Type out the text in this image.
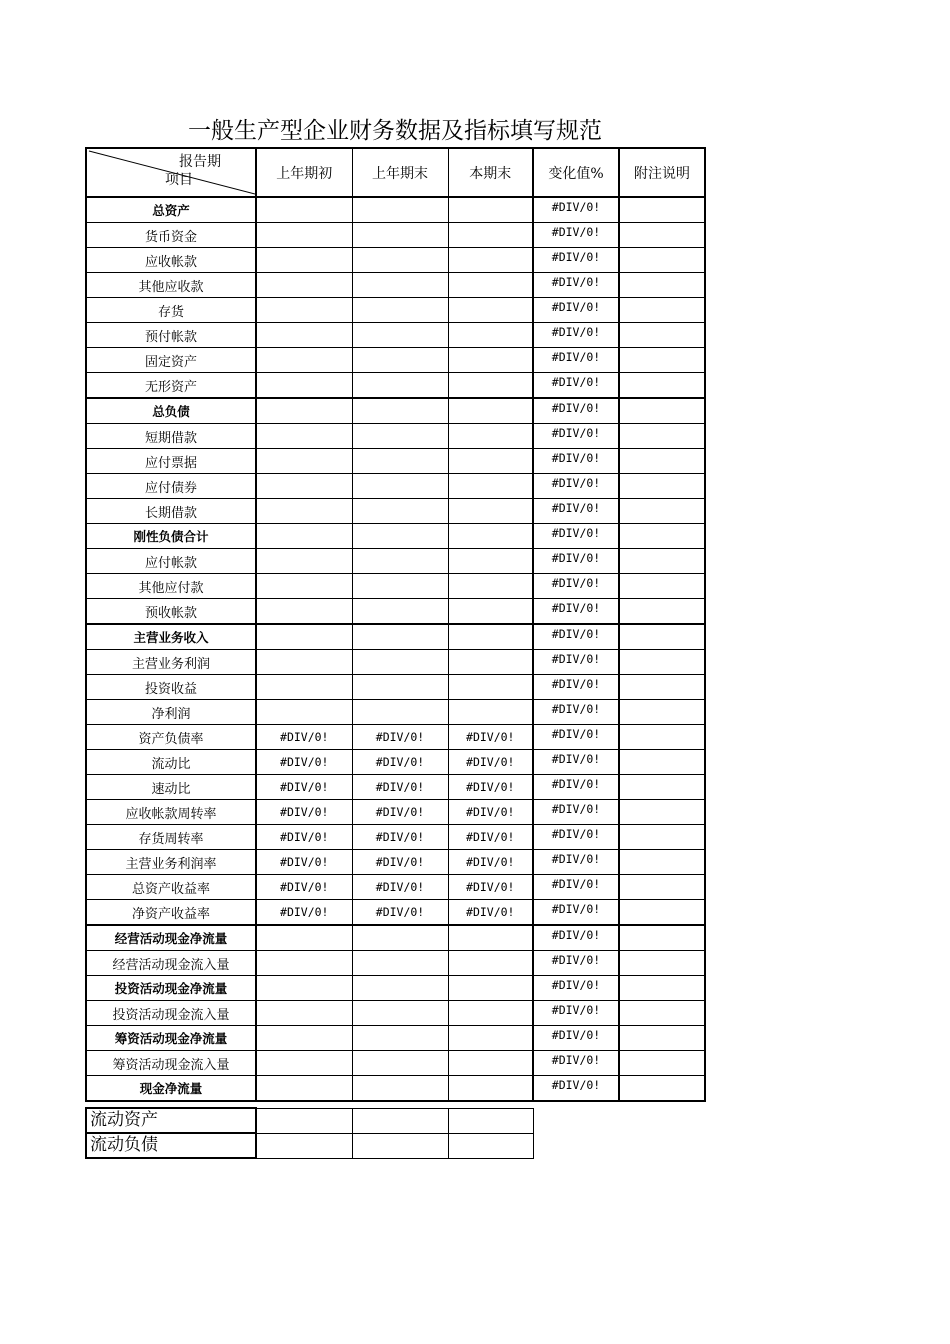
一般生产型企业财务数据及指标填写规范
报告期
项目	上年期初	上年期末	本期末	变化值%	附注说明
总资产				#DIV/0!	
货币资金				#DIV/0!	
应收帐款				#DIV/0!	
其他应收款				#DIV/0!	
存货				#DIV/0!	
预付帐款				#DIV/0!	
固定资产				#DIV/0!	
无形资产				#DIV/0!	
总负债				#DIV/0!	
短期借款				#DIV/0!	
应付票据				#DIV/0!	
应付债券				#DIV/0!	
长期借款				#DIV/0!	
刚性负债合计				#DIV/0!	
应付帐款				#DIV/0!	
其他应付款				#DIV/0!	
预收帐款				#DIV/0!	
主营业务收入				#DIV/0!	
主营业务利润				#DIV/0!	
投资收益				#DIV/0!	
净利润				#DIV/0!	
资产负债率	#DIV/0!	#DIV/0!	#DIV/0!	#DIV/0!	
流动比	#DIV/0!	#DIV/0!	#DIV/0!	#DIV/0!	
速动比	#DIV/0!	#DIV/0!	#DIV/0!	#DIV/0!	
应收帐款周转率	#DIV/0!	#DIV/0!	#DIV/0!	#DIV/0!	
存货周转率	#DIV/0!	#DIV/0!	#DIV/0!	#DIV/0!	
主营业务利润率	#DIV/0!	#DIV/0!	#DIV/0!	#DIV/0!	
总资产收益率	#DIV/0!	#DIV/0!	#DIV/0!	#DIV/0!	
净资产收益率	#DIV/0!	#DIV/0!	#DIV/0!	#DIV/0!	
经营活动现金净流量				#DIV/0!	
经营活动现金流入量				#DIV/0!	
投资活动现金净流量				#DIV/0!	
投资活动现金流入量				#DIV/0!	
筹资活动现金净流量				#DIV/0!	
筹资活动现金流入量				#DIV/0!	
现金净流量				#DIV/0!	
流动资产			
流动负债			
